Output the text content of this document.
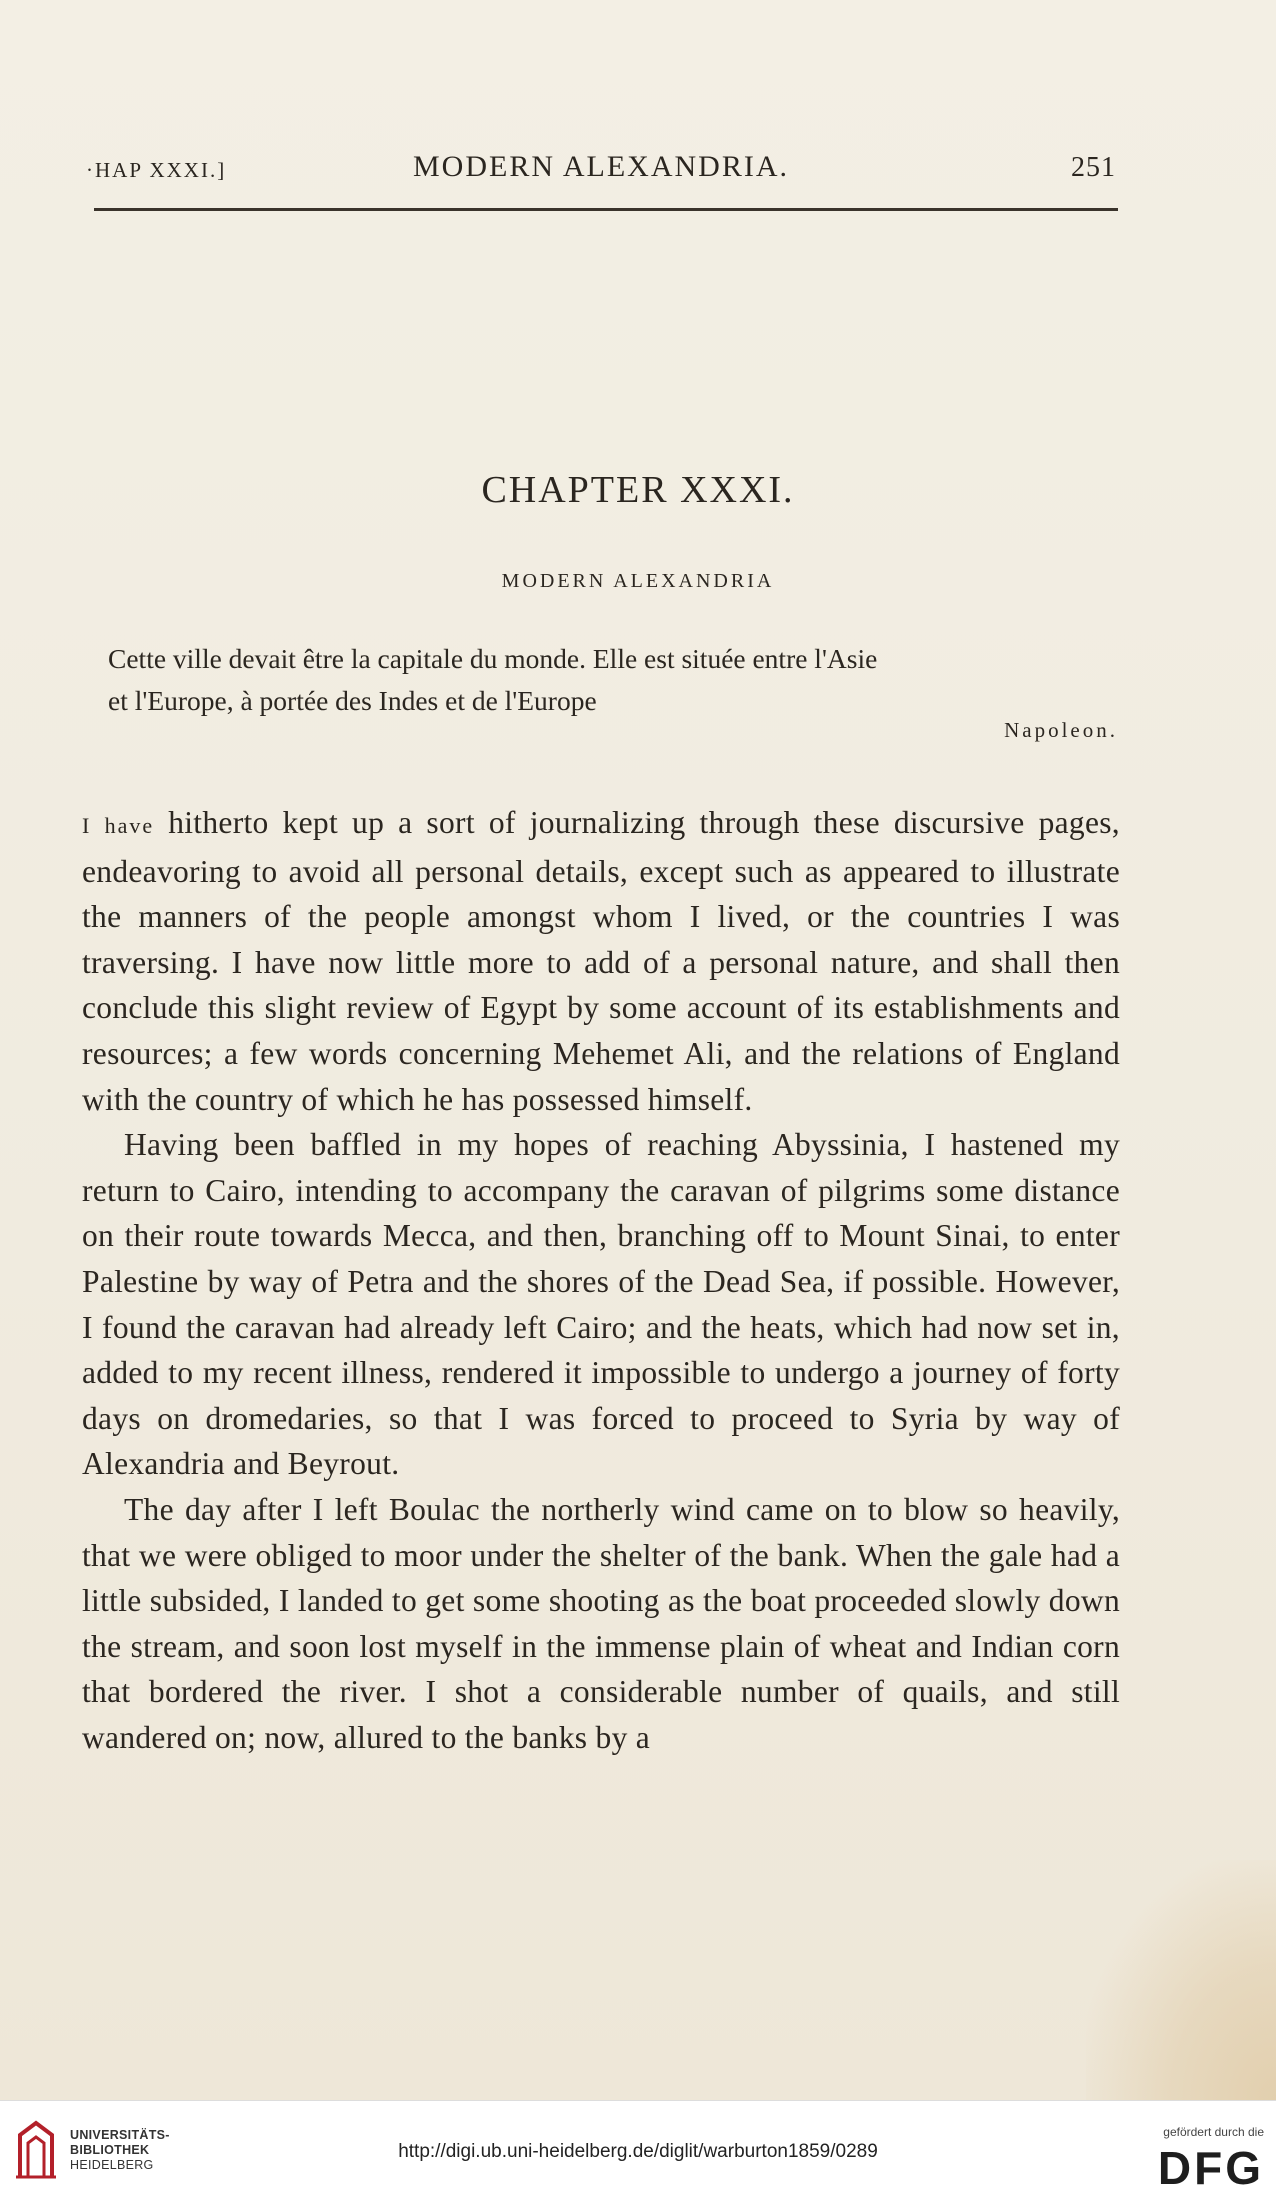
·HAP XXXI.]	MODERN ALEXANDRIA.	251
CHAPTER XXXI.
MODERN ALEXANDRIA
Cette ville devait être la capitale du monde. Elle est située entre l'Asie
et l'Europe, à portée des Indes et de l'Europe
Napoleon.

I have hitherto kept up a sort of journalizing through these discursive pages, endeavoring to avoid all personal details, except such as appeared to illustrate the manners of the people amongst whom I lived, or the countries I was traversing. I have now little more to add of a personal nature, and shall then conclude this slight review of Egypt by some account of its establishments and resources; a few words concerning Mehemet Ali, and the relations of England with the country of which he has possessed himself.

Having been baffled in my hopes of reaching Abyssinia, I hastened my return to Cairo, intending to accompany the caravan of pilgrims some distance on their route towards Mecca, and then, branching off to Mount Sinai, to enter Palestine by way of Petra and the shores of the Dead Sea, if possible. However, I found the caravan had already left Cairo; and the heats, which had now set in, added to my recent illness, rendered it impossible to undergo a journey of forty days on dromedaries, so that I was forced to proceed to Syria by way of Alexandria and Beyrout.

The day after I left Boulac the northerly wind came on to blow so heavily, that we were obliged to moor under the shelter of the bank. When the gale had a little subsided, I landed to get some shooting as the boat proceeded slowly down the stream, and soon lost myself in the immense plain of wheat and Indian corn that bordered the river. I shot a considerable number of quails, and still wandered on; now, allured to the banks by a

UNIVERSITÄTS-
BIBLIOTHEK
HEIDELBERG
http://digi.ub.uni-heidelberg.de/diglit/warburton1859/0289
gefördert durch die
DFG
